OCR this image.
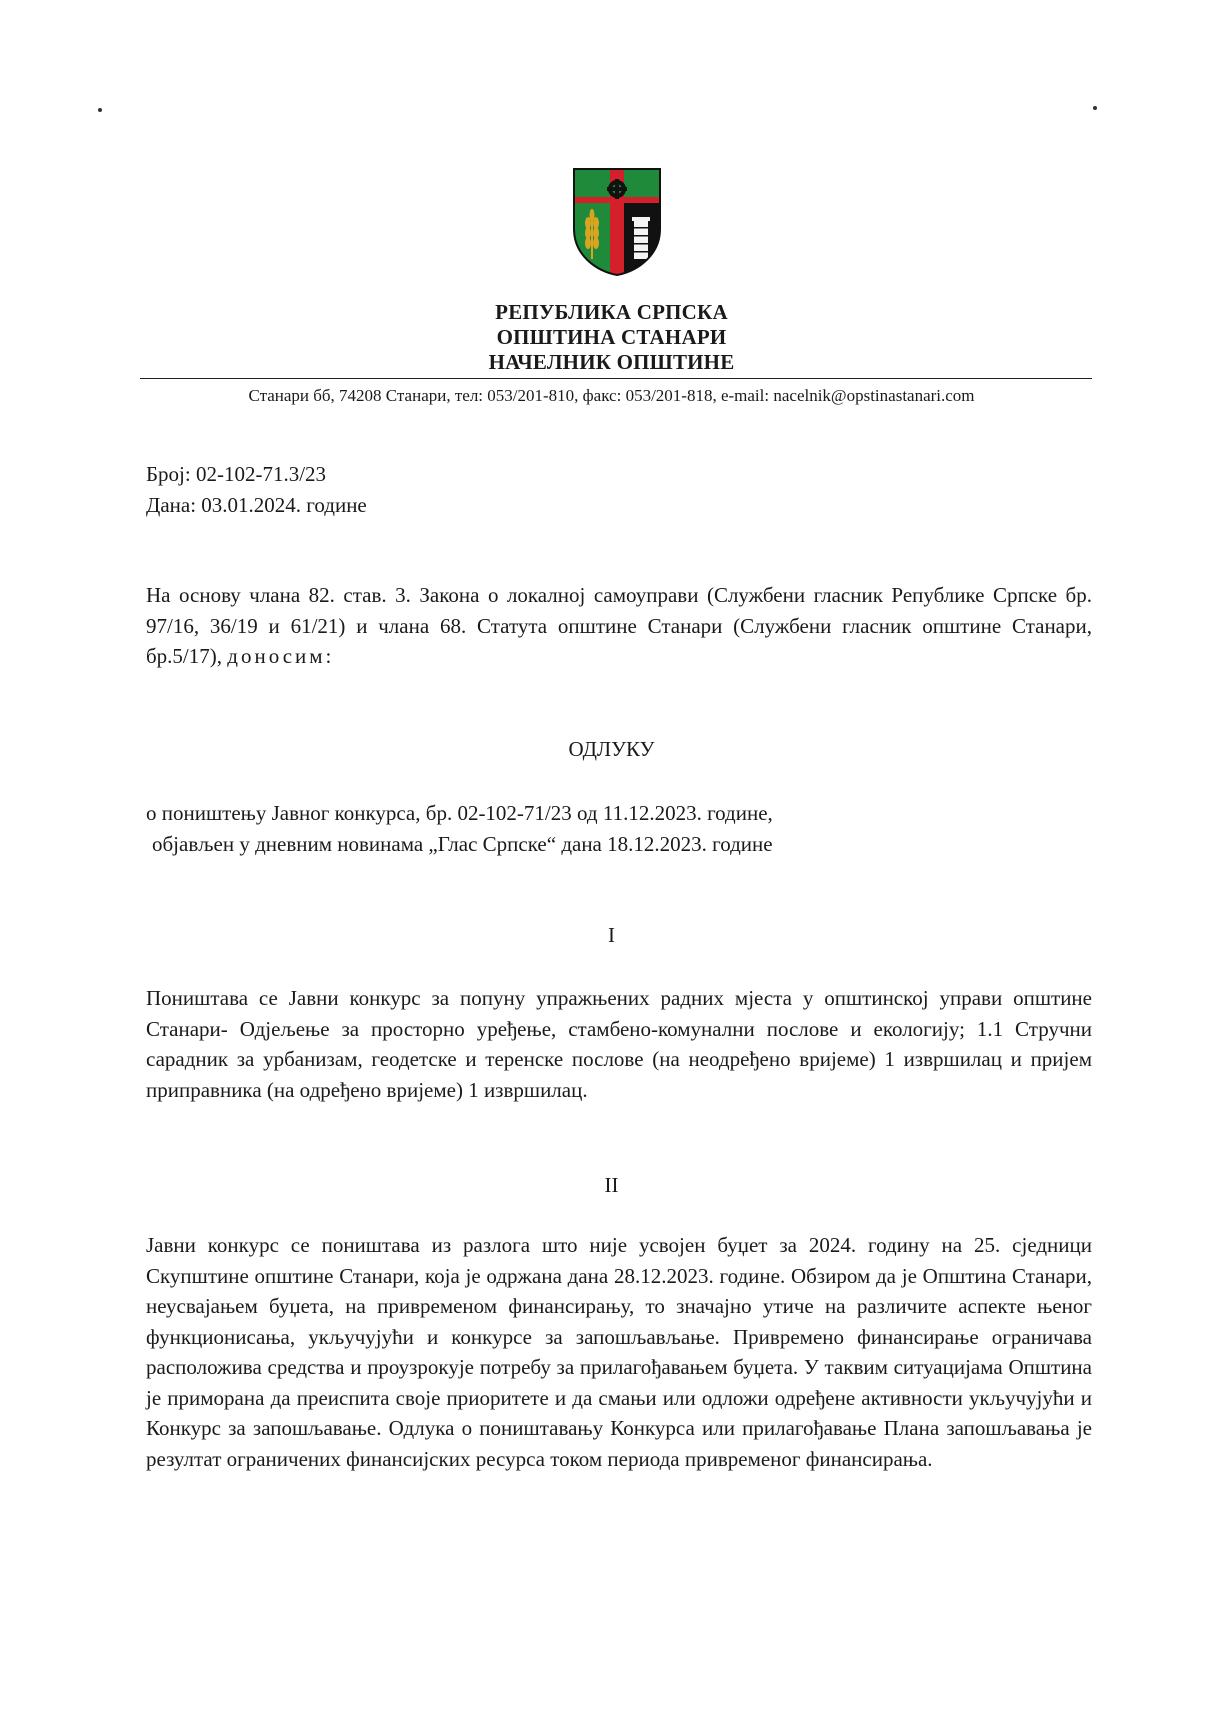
РЕПУБЛИКА СРПСКА
ОПШТИНА СТАНАРИ
НАЧЕЛНИК ОПШТИНЕ
Станари бб, 74208 Станари, тел: 053/201-810, факс: 053/201-818, e-mail: nacelnik@opstinastanari.com
Број: 02-102-71.3/23
Дана: 03.01.2024. године
На основу члана 82. став. 3. Закона о локалној самоуправи (Службени гласник Републике Српске бр. 97/16, 36/19 и 61/21) и члана 68. Статута општине Станари (Службени гласник општине Станари, бр.5/17), доносим:
ОДЛУКУ
о поништењу Јавног конкурса, бр. 02-102-71/23 од 11.12.2023. године,
објављен у дневним новинама „Глас Српске“ дана 18.12.2023. године
I
Поништава се Јавни конкурс за попуну упражњених радних мјеста у општинској управи општине Станари- Одјељење за просторно уређење, стамбено-комунални послове и екологију; 1.1 Стручни сарадник за урбанизам, геодетске и теренске послове (на неодређено вријеме) 1 извршилац и пријем приправника (на одређено вријеме) 1 извршилац.
II
Јавни конкурс се поништава из разлога што није усвојен буџет за 2024. годину на 25. сједници Скупштине општине Станари, која је одржана дана 28.12.2023. године. Обзиром да је Општина Станари, неусвајањем буџета, на привременом финансирању, то значајно утиче на различите аспекте њеног функционисања, укључујући и конкурсе за запошљављање. Привремено финансирање ограничава расположива средства и проузрокује потребу за прилагођавањем буџета. У таквим ситуацијама Општина је приморана да преиспита своје приоритете и да смањи или одложи одређене активности укључујући и Конкурс за запошљавање. Одлука о поништавању Конкурса или прилагођавање Плана запошљавања је резултат ограничених финансијских ресурса током периода привременог финансирања.
